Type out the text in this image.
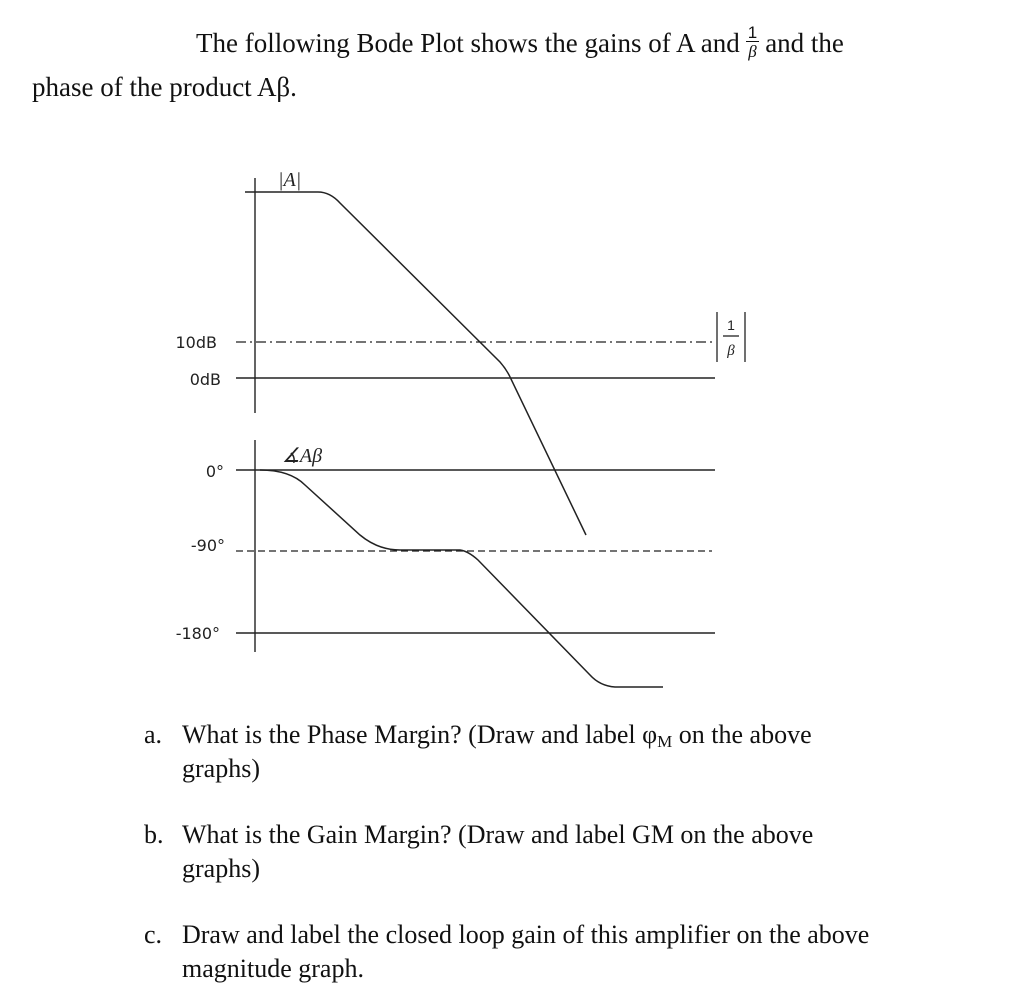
The following Bode Plot shows the gains of A and $\frac{1}{\beta}$ and the
phase of the product Aβ.
1
β
|A|
∡Aβ
10dB
0dB
0°
-90°
-180°
a. What is the Phase Margin? (Draw and label $\varphi_M$ on the above
graphs)
b. What is the Gain Margin? (Draw and label GM on the above
graphs)
c. Draw and label the closed loop gain of this amplifier on the above
magnitude graph.
